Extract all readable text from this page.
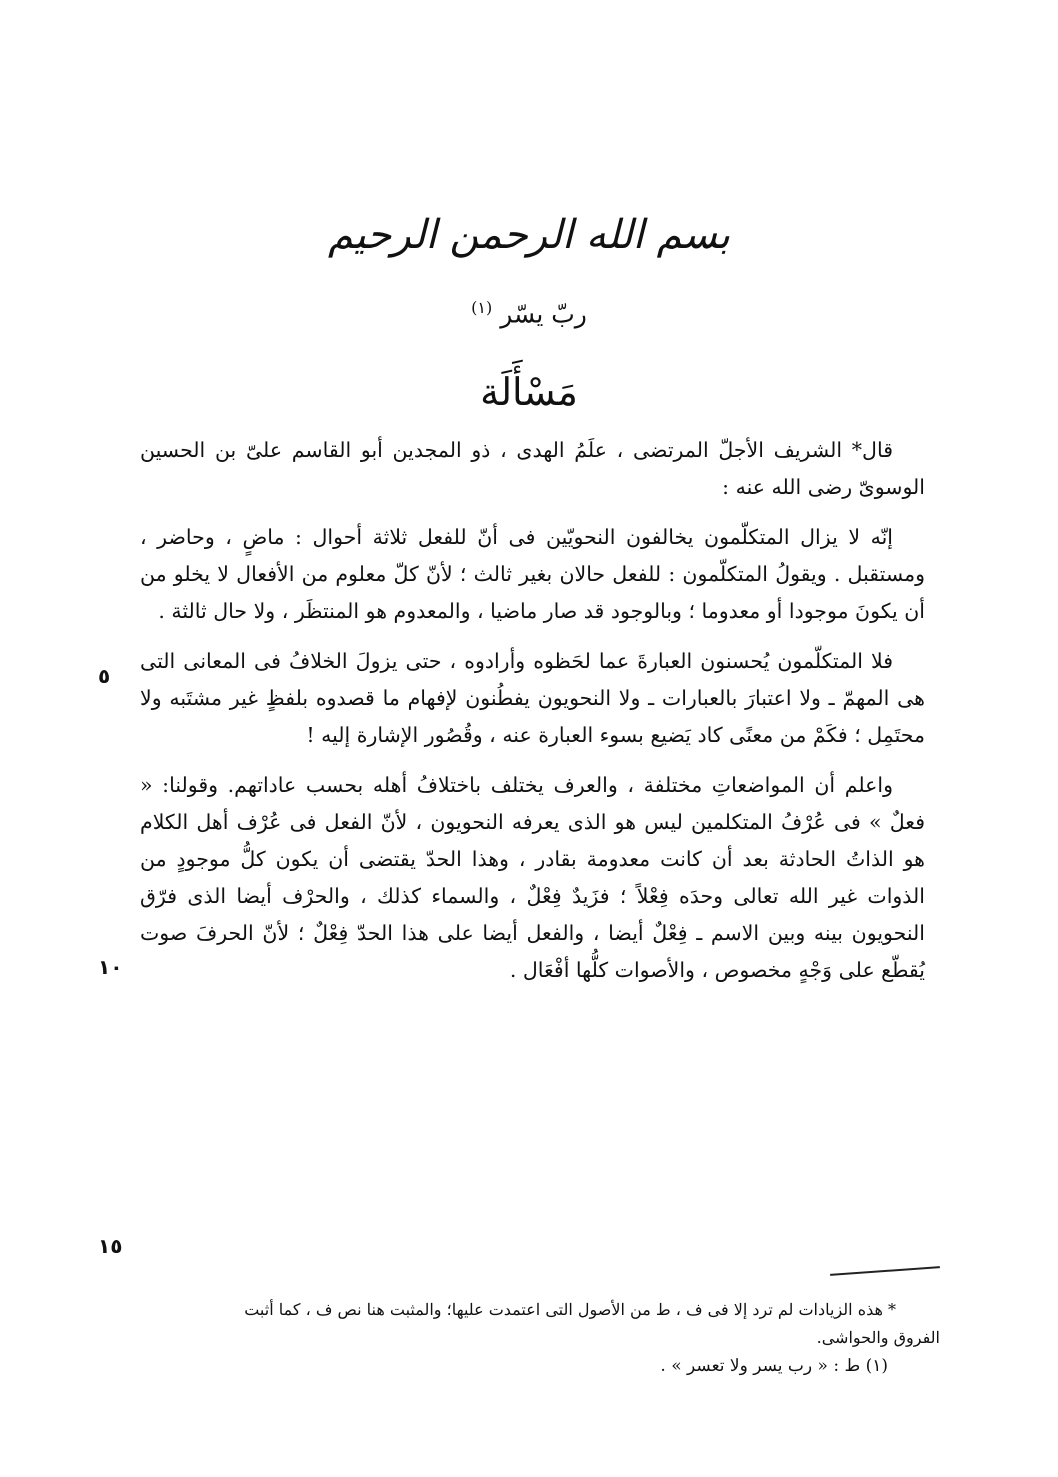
بسم الله الرحمن الرحيم
ربّ يسّر $^{(١)}$
مَسْأَلَة

قال* الشريف الأجلّ المرتضى ، علَمُ الهدى ، ذو المجدين أبو القاسم علىّ بن الحسين الوسوىّ رضى الله عنه :

إنّه لا يزال المتكلّمون يخالفون النحويّين فى أنّ للفعل ثلاثة أحوال : ماضٍ ، وحاضر ، ومستقبل . ويقولُ المتكلّمون : للفعل حالان بغير ثالث ؛ لأنّ كلّ معلوم من الأفعال لا يخلو من أن يكونَ موجودا أو معدوما ؛ وبالوجود قد صار ماضيا ، والمعدوم هو المنتظَر ، ولا حال ثالثة .

فلا المتكلّمون يُحسنون العبارةَ عما لحَظوه وأرادوه ، حتى يزولَ الخلافُ فى المعانى التى هى المهمّ ـ ولا اعتبارَ بالعبارات ـ ولا النحويون يفطُنون لإفهام ما قصدوه بلفظٍ غير مشتَبه ولا محتَمِل ؛ فكَمْ من معنًى كاد يَضيع بسوء العبارة عنه ، وقُصُور الإشارة إليه !

واعلم أن المواضعاتِ مختلفة ، والعرف يختلف باختلافُ أهله بحسب عاداتهم. وقولنا: « فعلٌ » فى عُرْفُ المتكلمين ليس هو الذى يعرفه النحويون ، لأنّ الفعل فى عُرْف أهل الكلام هو الذاتُ الحادثة بعد أن كانت معدومة بقادر ، وهذا الحدّ يقتضى أن يكون كلُّ موجودٍ من الذوات غير الله تعالى وحدَه فِعْلاً ؛ فزَيدٌ فِعْلٌ ، والسماء كذلك ، والحرْف أيضا الذى فرّق النحويون بينه وبين الاسم ـ فِعْلٌ أيضا ، والفعل أيضا على هذا الحدّ فِعْلٌ ؛ لأنّ الحرفَ صوت يُقطّع على وَجْهٍ مخصوص ، والأصوات كلُّها أفْعَال .

٥
١٠
١٥

* هذه الزيادات لم ترد إلا فى ف ، ط من الأصول التى اعتمدت عليها؛ والمثبت هنا نص ف ، كما أثبت

الفروق والحواشى.

(١) ط : « رب يسر ولا تعسر » .
